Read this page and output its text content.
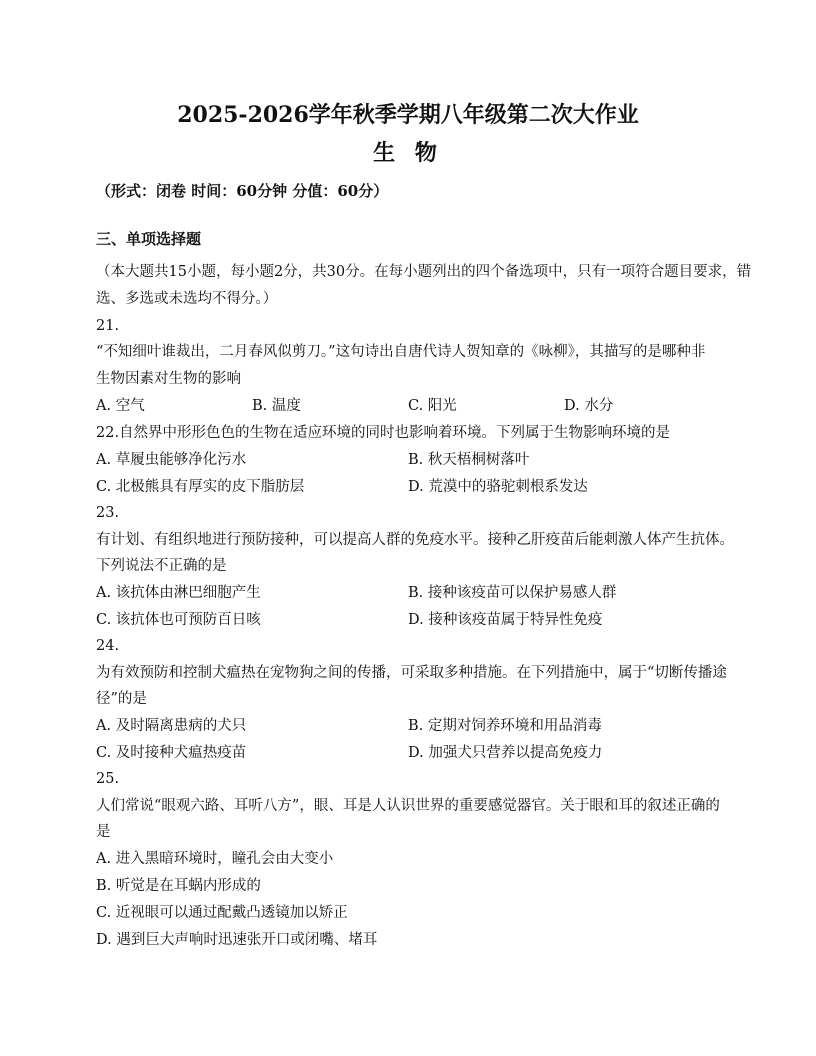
2025-2026学年秋季学期八年级第二次大作业
生 物
（形式：闭卷 时间：60分钟 分值：60分）
三、单项选择题
（本大题共15小题，每小题2分，共30分。在每小题列出的四个备选项中，只有一项符合题目要求，错
选、多选或未选均不得分。）
21.
“不知细叶谁裁出，二月春风似剪刀。”这句诗出自唐代诗人贺知章的《咏柳》，其描写的是哪种非
生物因素对生物的影响
A. 空气	B. 温度	C. 阳光	D. 水分
22.自然界中形形色色的生物在适应环境的同时也影响着环境。下列属于生物影响环境的是
A. 草履虫能够净化污水	B. 秋天梧桐树落叶
C. 北极熊具有厚实的皮下脂肪层	D. 荒漠中的骆驼刺根系发达
23.
有计划、有组织地进行预防接种，可以提高人群的免疫水平。接种乙肝疫苗后能刺激人体产生抗体。
下列说法不正确的是
A. 该抗体由淋巴细胞产生	B. 接种该疫苗可以保护易感人群
C. 该抗体也可预防百日咳	D. 接种该疫苗属于特异性免疫
24.
为有效预防和控制犬瘟热在宠物狗之间的传播，可采取多种措施。在下列措施中，属于“切断传播途
径”的是
A. 及时隔离患病的犬只	B. 定期对饲养环境和用品消毒
C. 及时接种犬瘟热疫苗	D. 加强犬只营养以提高免疫力
25.
人们常说“眼观六路、耳听八方”，眼、耳是人认识世界的重要感觉器官。关于眼和耳的叙述正确的
是
A. 进入黑暗环境时，瞳孔会由大变小
B. 听觉是在耳蜗内形成的
C. 近视眼可以通过配戴凸透镜加以矫正
D. 遇到巨大声响时迅速张开口或闭嘴、堵耳
